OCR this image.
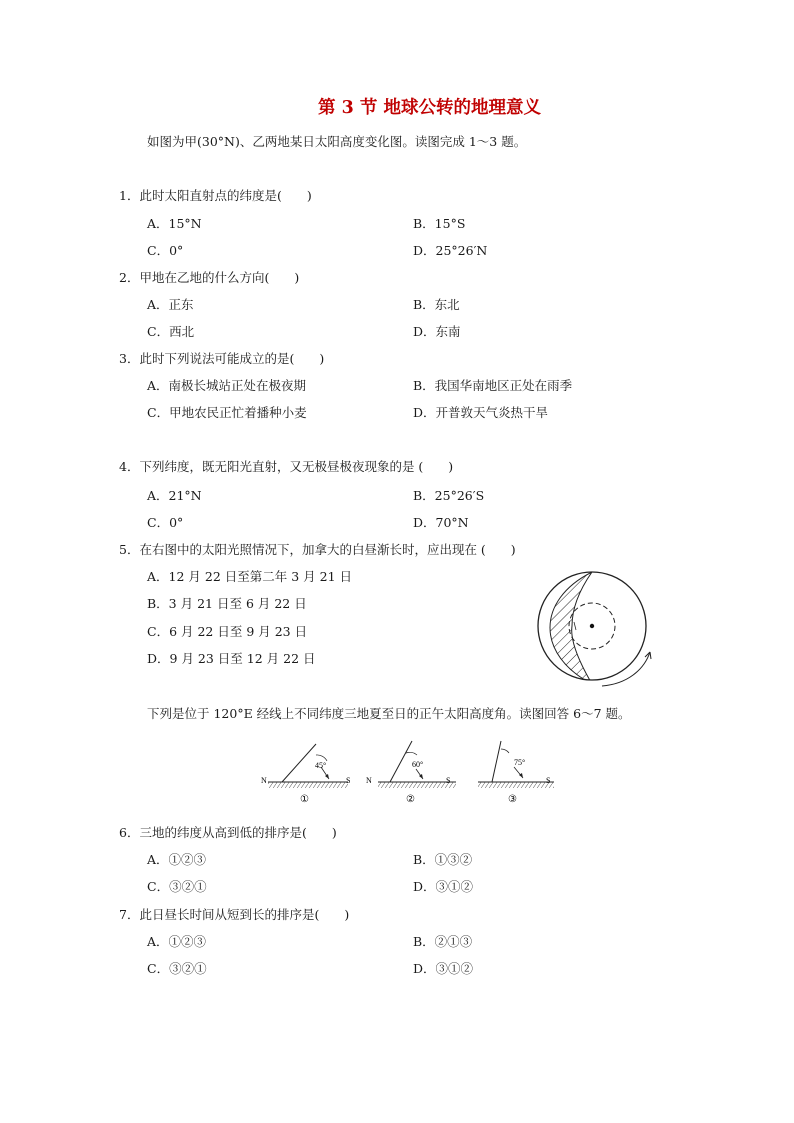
第 3 节 地球公转的地理意义
如图为甲(30°N)、乙两地某日太阳高度变化图。读图完成 1～3 题。
1．此时太阳直射点的纬度是(　　)
A．15°N	B．15°S
C．0°	D．25°26′N
2．甲地在乙地的什么方向(　　)
A．正东	B．东北
C．西北	D．东南
3．此时下列说法可能成立的是(　　)
A．南极长城站正处在极夜期	B．我国华南地区正处在雨季
C．甲地农民正忙着播种小麦	D．开普敦天气炎热干旱
4．下列纬度，既无阳光直射，又无极昼极夜现象的是 (　　)
A．21°N	B．25°26′S
C．0°	D．70°N
5．在右图中的太阳光照情况下，加拿大的白昼渐长时，应出现在 (　　)
A．12 月 22 日至第二年 3 月 21 日
B．3 月 21 日至 6 月 22 日
C．6 月 22 日至 9 月 23 日
D．9 月 23 日至 12 月 22 日
下列是位于 120°E 经线上不同纬度三地夏至日的正午太阳高度角。读图回答 6～7 题。
45°
N	S
①
60°
N	S
②
75°
S
③
6．三地的纬度从高到低的排序是(　　)
A．①②③	B．①③②
C．③②①	D．③①②
7．此日昼长时间从短到长的排序是(　　)
A．①②③	B．②①③
C．③②①	D．③①②
